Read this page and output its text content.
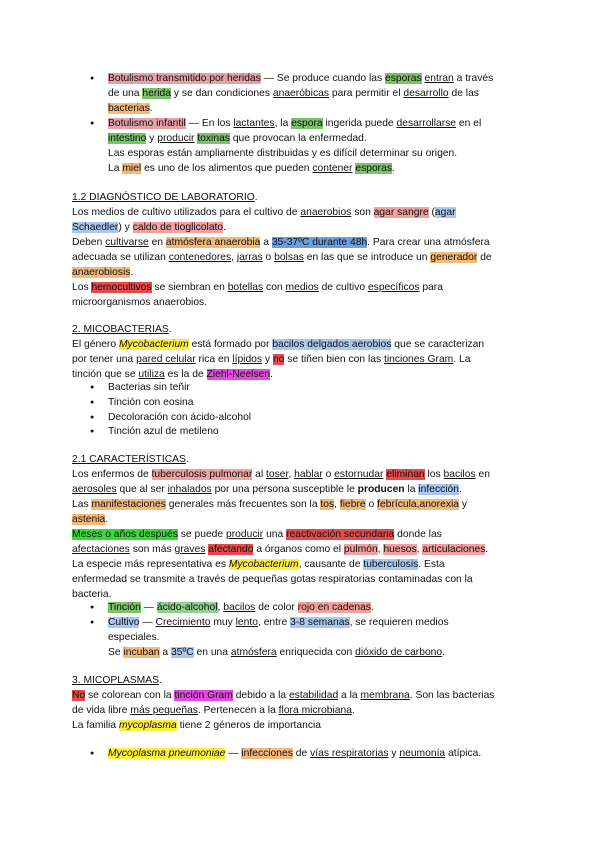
● Botulismo transmitido por heridas — Se produce cuando las esporas entran a través
de una herida y se dan condiciones anaeróbicas para permitir el desarrollo de las
bacterias.
● Botulismo infantil — En los lactantes, la espora ingerida puede desarrollarse en el
intestino y producir toxinas que provocan la enfermedad.
Las esporas están ampliamente distribuidas y es difícil determinar su origen.
La miel es uno de los alimentos que pueden contener esporas.
1.2 DIAGNÓSTICO DE LABORATORIO.
Los medios de cultivo utilizados para el cultivo de anaerobios son agar sangre (agar
Schaedler) y caldo de tioglicolato.
Deben cultivarse en atmósfera anaerobia a 35-37ºC durante 48h. Para crear una atmósfera
adecuada se utilizan contenedores, jarras o bolsas en las que se introduce un generador de
anaerobiosis.
Los hemocultivos se siembran en botellas con medios de cultivo específicos para
microorganismos anaerobios.
2. MICOBACTERIAS.
El género Mycobacterium está formado por bacilos delgados aerobios que se caracterizan
por tener una pared celular rica en lípidos y no se tiñen bien con las tinciones Gram. La
tinción que se utiliza es la de Ziehl-Neelsen.
● Bacterias sin teñir
● Tinción con eosina
● Decoloración con ácido-alcohol
● Tinción azul de metileno
2.1 CARACTERÍSTICAS.
Los enfermos de tuberculosis pulmonar al toser, hablar o estornudar eliminan los bacilos en
aerosoles que al ser inhalados por una persona susceptible le producen la infección.
Las manifestaciones generales más frecuentes son la tos, fiebre o febrícula,anorexia y
astenia.
Meses o años después se puede producir una reactivación secundaria donde las
afectaciones son más graves afectando a órganos como el pulmón, huesos, articulaciones.
La especie más representativa es Mycobacterium, causante de tuberculosis. Esta
enfermedad se transmite a través de pequeñas gotas respiratorias contaminadas con la
bacteria.
● Tinción — ácido-alcohol, bacilos de color rojo en cadenas.
● Cultivo — Crecimiento muy lento, entre 3-8 semanas, se requieren medios
especiales.
Se incuban a 35ºC en una atmósfera enriquecida con dióxido de carbono.
3. MICOPLASMAS.
No se colorean con la tinción Gram debido a la estabilidad a la membrana. Son las bacterias
de vida libre más pequeñas. Pertenecen a la flora microbiana.
La familia mycoplasma tiene 2 géneros de importancia
● Mycoplasma pneumoniae — infecciones de vías respiratorias y neumonía atípica.
